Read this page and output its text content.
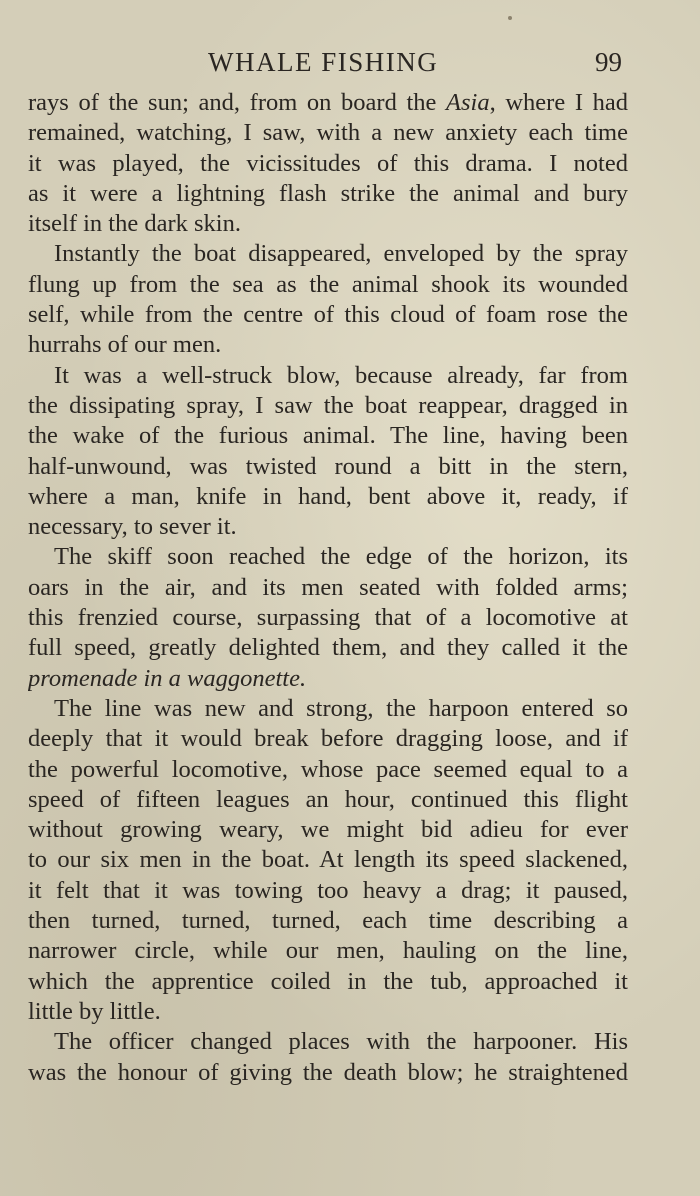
WHALE FISHING	99
rays of the sun; and, from on board the Asia, where I had
remained, watching, I saw, with a new anxiety each time
it was played, the vicissitudes of this drama. I noted
as it were a lightning flash strike the animal and bury
itself in the dark skin.
Instantly the boat disappeared, enveloped by the spray
flung up from the sea as the animal shook its wounded
self, while from the centre of this cloud of foam rose the
hurrahs of our men.
It was a well-struck blow, because already, far from
the dissipating spray, I saw the boat reappear, dragged in
the wake of the furious animal. The line, having been
half-unwound, was twisted round a bitt in the stern,
where a man, knife in hand, bent above it, ready, if
necessary, to sever it.
The skiff soon reached the edge of the horizon, its
oars in the air, and its men seated with folded arms;
this frenzied course, surpassing that of a locomotive at
full speed, greatly delighted them, and they called it the
promenade in a waggonette.
The line was new and strong, the harpoon entered so
deeply that it would break before dragging loose, and if
the powerful locomotive, whose pace seemed equal to a
speed of fifteen leagues an hour, continued this flight
without growing weary, we might bid adieu for ever
to our six men in the boat. At length its speed slackened,
it felt that it was towing too heavy a drag; it paused,
then turned, turned, turned, each time describing a
narrower circle, while our men, hauling on the line,
which the apprentice coiled in the tub, approached it
little by little.
The officer changed places with the harpooner. His
was the honour of giving the death blow; he straightened
